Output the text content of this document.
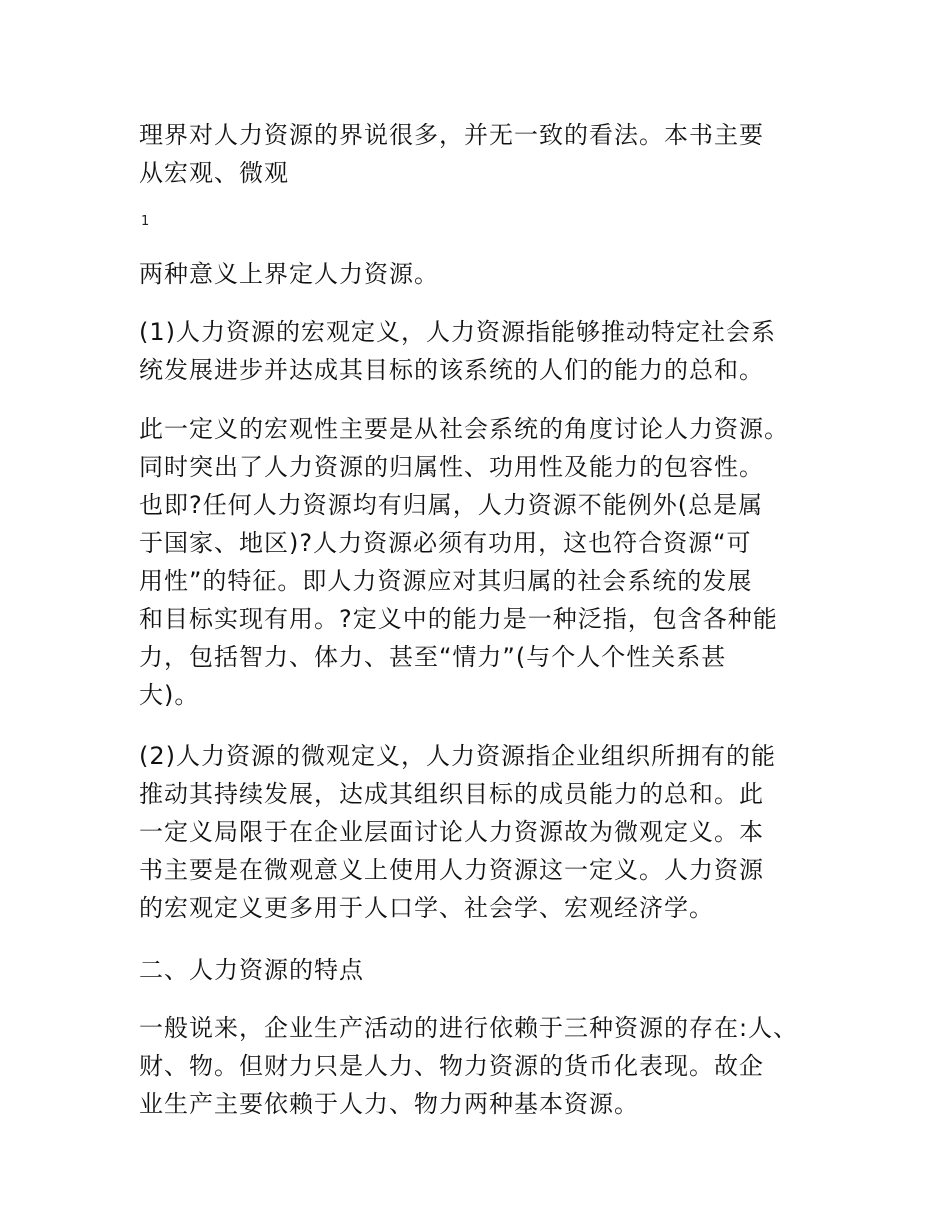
理界对人力资源的界说很多，并无一致的看法。本书主要
从宏观、微观

1

两种意义上界定人力资源。

(1)人力资源的宏观定义，人力资源指能够推动特定社会系
统发展进步并达成其目标的该系统的人们的能力的总和。

此一定义的宏观性主要是从社会系统的角度讨论人力资源。
同时突出了人力资源的归属性、功用性及能力的包容性。
也即?任何人力资源均有归属，人力资源不能例外(总是属
于国家、地区)?人力资源必须有功用，这也符合资源“可
用性”的特征。即人力资源应对其归属的社会系统的发展
和目标实现有用。?定义中的能力是一种泛指，包含各种能
力，包括智力、体力、甚至“情力”(与个人个性关系甚
大)。

(2)人力资源的微观定义，人力资源指企业组织所拥有的能
推动其持续发展，达成其组织目标的成员能力的总和。此
一定义局限于在企业层面讨论人力资源故为微观定义。本
书主要是在微观意义上使用人力资源这一定义。人力资源
的宏观定义更多用于人口学、社会学、宏观经济学。

二、人力资源的特点

一般说来，企业生产活动的进行依赖于三种资源的存在:人、
财、物。但财力只是人力、物力资源的货币化表现。故企
业生产主要依赖于人力、物力两种基本资源。
